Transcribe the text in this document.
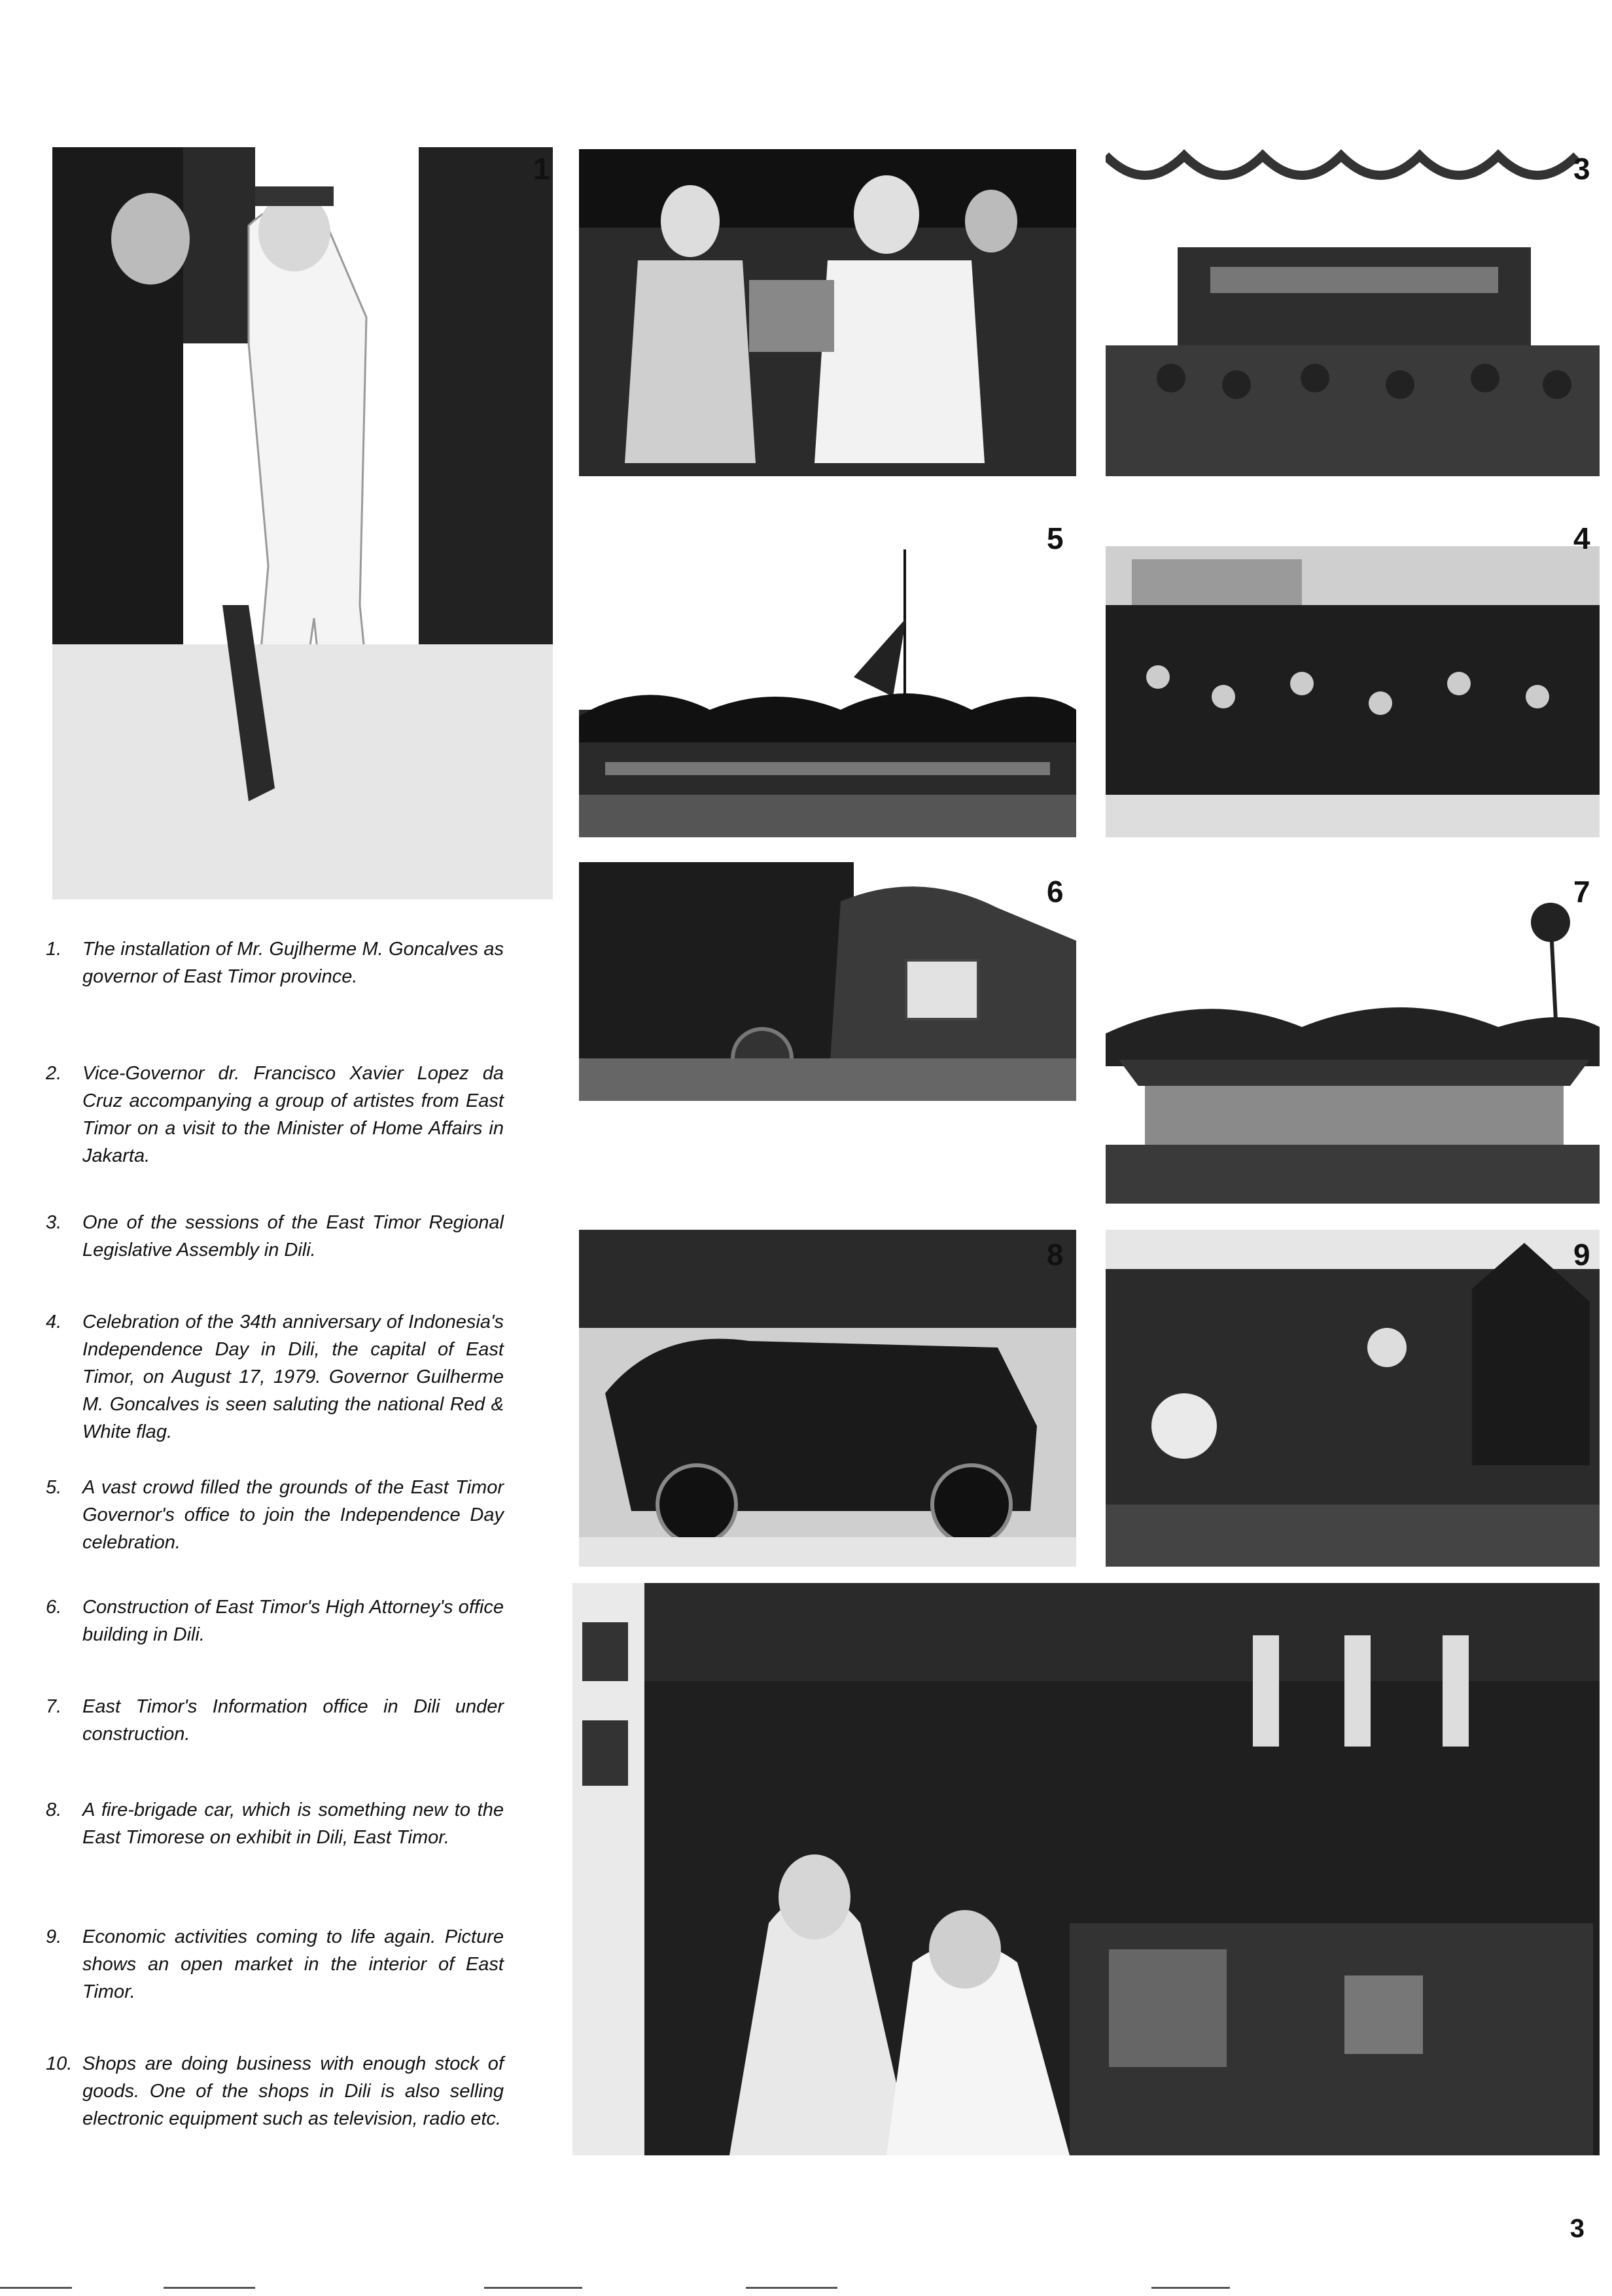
1	3
5	4
6	7
8	9
1.	The installation of Mr. Gujlherme M. Goncalves as governor of East Timor province.
2.	Vice-Governor dr. Francisco Xavier Lopez da Cruz accompanying a group of artistes from East Timor on a visit to the Minister of Home Affairs in Jakarta.
3.	One of the sessions of the East Timor Regional Legislative Assembly in Dili.
4.	Celebration of the 34th anniversary of Indonesia's Independence Day in Dili, the capital of East Timor, on August 17, 1979. Governor Guilherme M. Goncalves is seen saluting the national Red & White flag.
5.	A vast crowd filled the grounds of the East Timor Governor's office to join the Independence Day celebration.
6.	Construction of East Timor's High Attorney's office building in Dili.
7.	East Timor's Information office in Dili under construction.
8.	A fire-brigade car, which is something new to the East Timorese on exhibit in Dili, East Timor.
9.	Economic activities coming to life again. Picture shows an open market in the interior of East Timor.
10. Shops are doing business with enough stock of goods. One of the shops in Dili is also selling electronic equipment such as television, radio etc.
3
